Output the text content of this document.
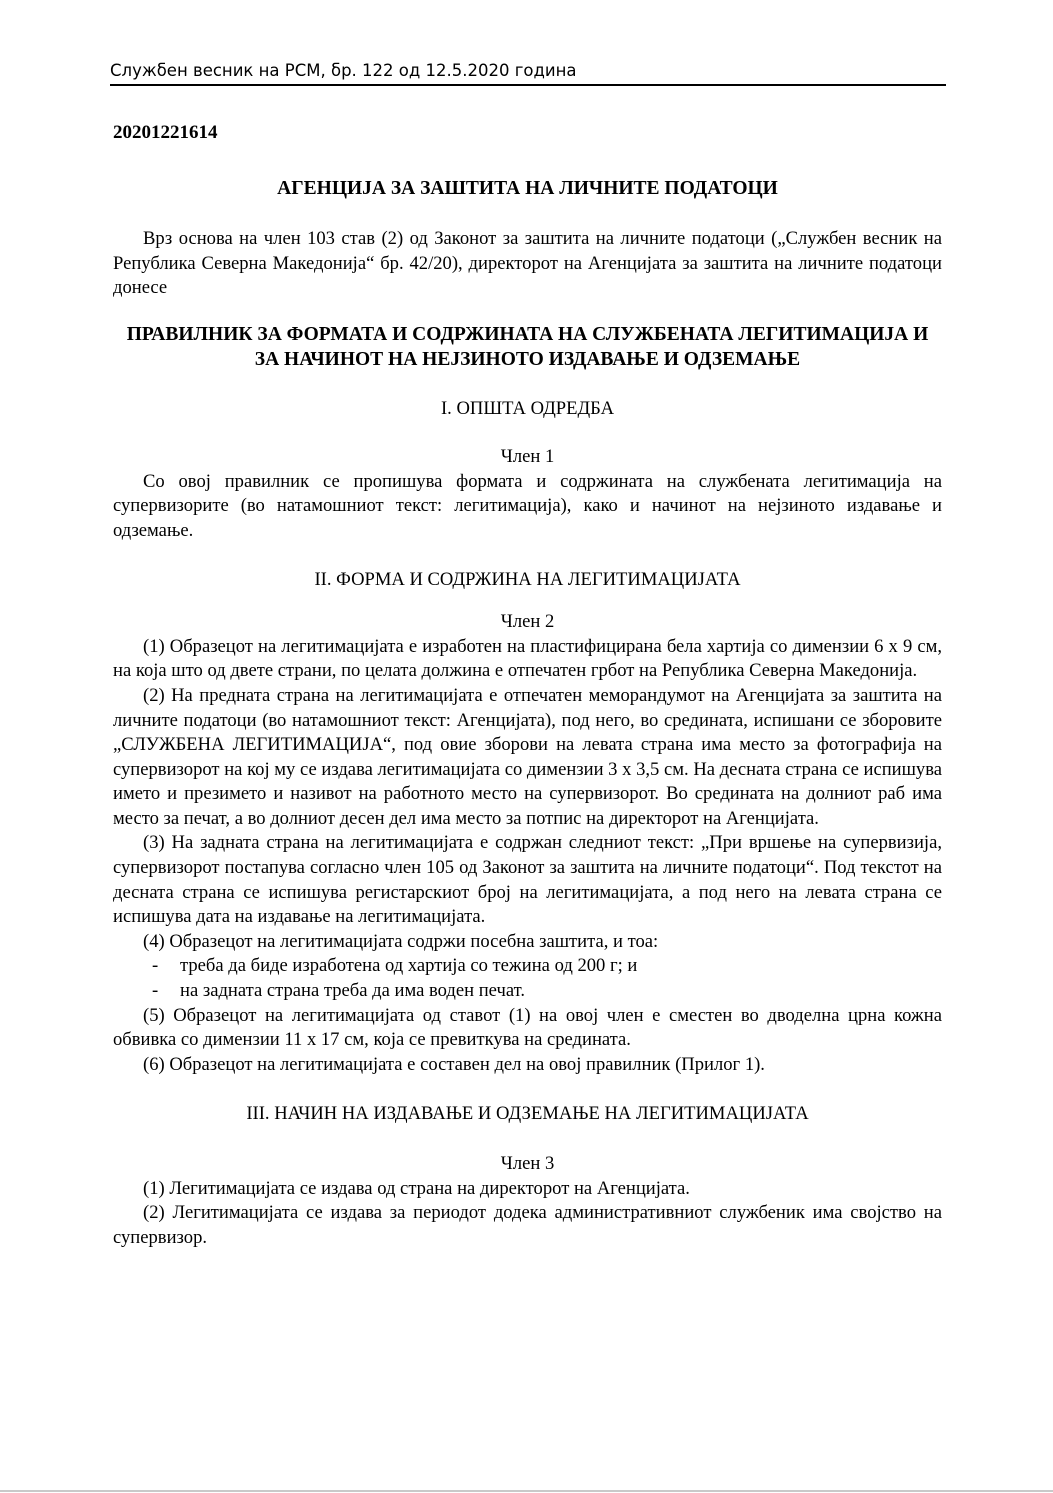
Службен весник на РСМ, бр. 122 од 12.5.2020 година
20201221614
АГЕНЦИЈА ЗА ЗАШТИТА НА ЛИЧНИТЕ ПОДАТОЦИ

Врз основа на член 103 став (2) од Законот за заштита на личните податоци („Службен весник на Република Северна Македонија“ бр. 42/20), директорот на Агенцијата за заштита на личните податоци донесе

ПРАВИЛНИК ЗА ФОРМАТА И СОДРЖИНАТА НА СЛУЖБЕНАТА ЛЕГИТИМАЦИЈА И ЗА НАЧИНОТ НА НЕЈЗИНОТО ИЗДАВАЊЕ И ОДЗЕМАЊЕ
I. ОПШТА ОДРЕДБА
Член 1

Со овој правилник се пропишува формата и содржината на службената легитимација на супервизорите (во натамошниот текст: легитимација), како и начинот на нејзиното издавање и одземање.

II. ФОРМА И СОДРЖИНА НА ЛЕГИТИМАЦИЈАТА
Член 2

(1) Образецот на легитимацијата е изработен на пластифицирана бела хартија со димензии 6 х 9 см, на која што од двете страни, по целата должина е отпечатен грбот на Република Северна Македонија.

(2) На предната страна на легитимацијата е отпечатен меморандумот на Агенцијата за заштита на личните податоци (во натамошниот текст: Агенцијата), под него, во средината, испишани се зборовите „СЛУЖБЕНА ЛЕГИТИМАЦИЈА“, под овие зборови на левата страна има место за фотографија на супервизорот на кој му се издава легитимацијата со димензии 3 х 3,5 см. На десната страна се испишува името и презимето и називот на работното место на супервизорот. Во средината на долниот раб има место за печат, а во долниот десен дел има место за потпис на директорот на Агенцијата.

(3) На задната страна на легитимацијата е содржан следниот текст: „При вршење на супервизија, супервизорот постапува согласно член 105 од Законот за заштита на личните податоци“. Под текстот на десната страна се испишува регистарскиот број на легитимацијата, а под него на левата страна се испишува дата на издавање на легитимацијата.

(4) Образецот на легитимацијата содржи посебна заштита, и тоа:

- треба да биде изработена од хартија со тежина од 200 г; и

- на задната страна треба да има воден печат.

(5) Образецот на легитимацијата од ставот (1) на овој член е сместен во дводелна црна кожна обвивка со димензии 11 х 17 см, која се превиткува на средината.

(6) Образецот на легитимацијата е составен дел на овој правилник (Прилог 1).

III. НАЧИН НА ИЗДАВАЊЕ И ОДЗЕМАЊЕ НА ЛЕГИТИМАЦИЈАТА
Член 3

(1) Легитимацијата се издава од страна на директорот на Агенцијата.

(2) Легитимацијата се издава за периодот додека административниот службеник има својство на супервизор.
